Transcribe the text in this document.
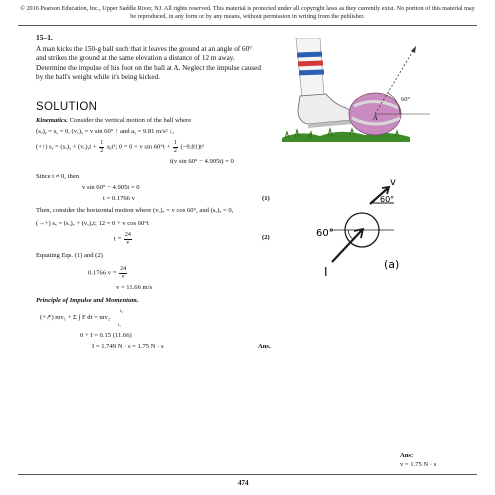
© 2016 Pearson Education, Inc., Upper Saddle River, NJ. All rights reserved. This material is protected under all copyright laws as they currently exist. No portion of this material may be reproduced, in any form or by any means, without permission in writing from the publisher.
15–1.
A man kicks the 150-g ball such that it leaves the ground at an angle of 60° and strikes the ground at the same elevation a distance of 12 m away. Determine the impulse of his foot on the ball at A. Neglect the impulse caused by the ball's weight while it's being kicked.
A
60°
SOLUTION
Kinematics. Consider the vertical motion of the ball where
(sₒ)ᵧ = sᵧ = 0, (vₒ)ᵧ = v sin 60° ↑ and aᵧ = 9.81 m/s² ↓,
(+↑) sᵧ = (sₒ)ᵧ + (vₒ)ᵧt + $\frac{1}{2}$ aᵧt²; 0 = 0 + v $\sin 60^\circ t + \frac{1}{2} (-9.81)t^2$
t(v sin 60° − 4.905t) = 0
Since t ≠ 0, then
v sin 60° − 4.905t = 0
t = 0.1766 v	(1)
Then, consider the horizontal motion where (vₒ)ₓ = v cos 60°, and (sₒ)ₓ = 0,
(→+) sₓ = (sₒ)ₓ + (vₒ)ₓt; 12 = 0 + v cos 60°t
$t = \frac{24}{v}$	(2)
Equating Eqs. (1) and (2)
0.1766 $v = \frac{24}{v}$
v = 11.66 m/s
Principle of Impulse and Momentum.
(+↗) mv₁ + Σ ∫ F dt = mv₂
t₂
t₁
0 + I = 0.15 (11.66)
I = 1.749 N · s = 1.75 N · s	Ans.
v
60°
60°
I
(a)
Ans:
v = 1.75 N · s
474
